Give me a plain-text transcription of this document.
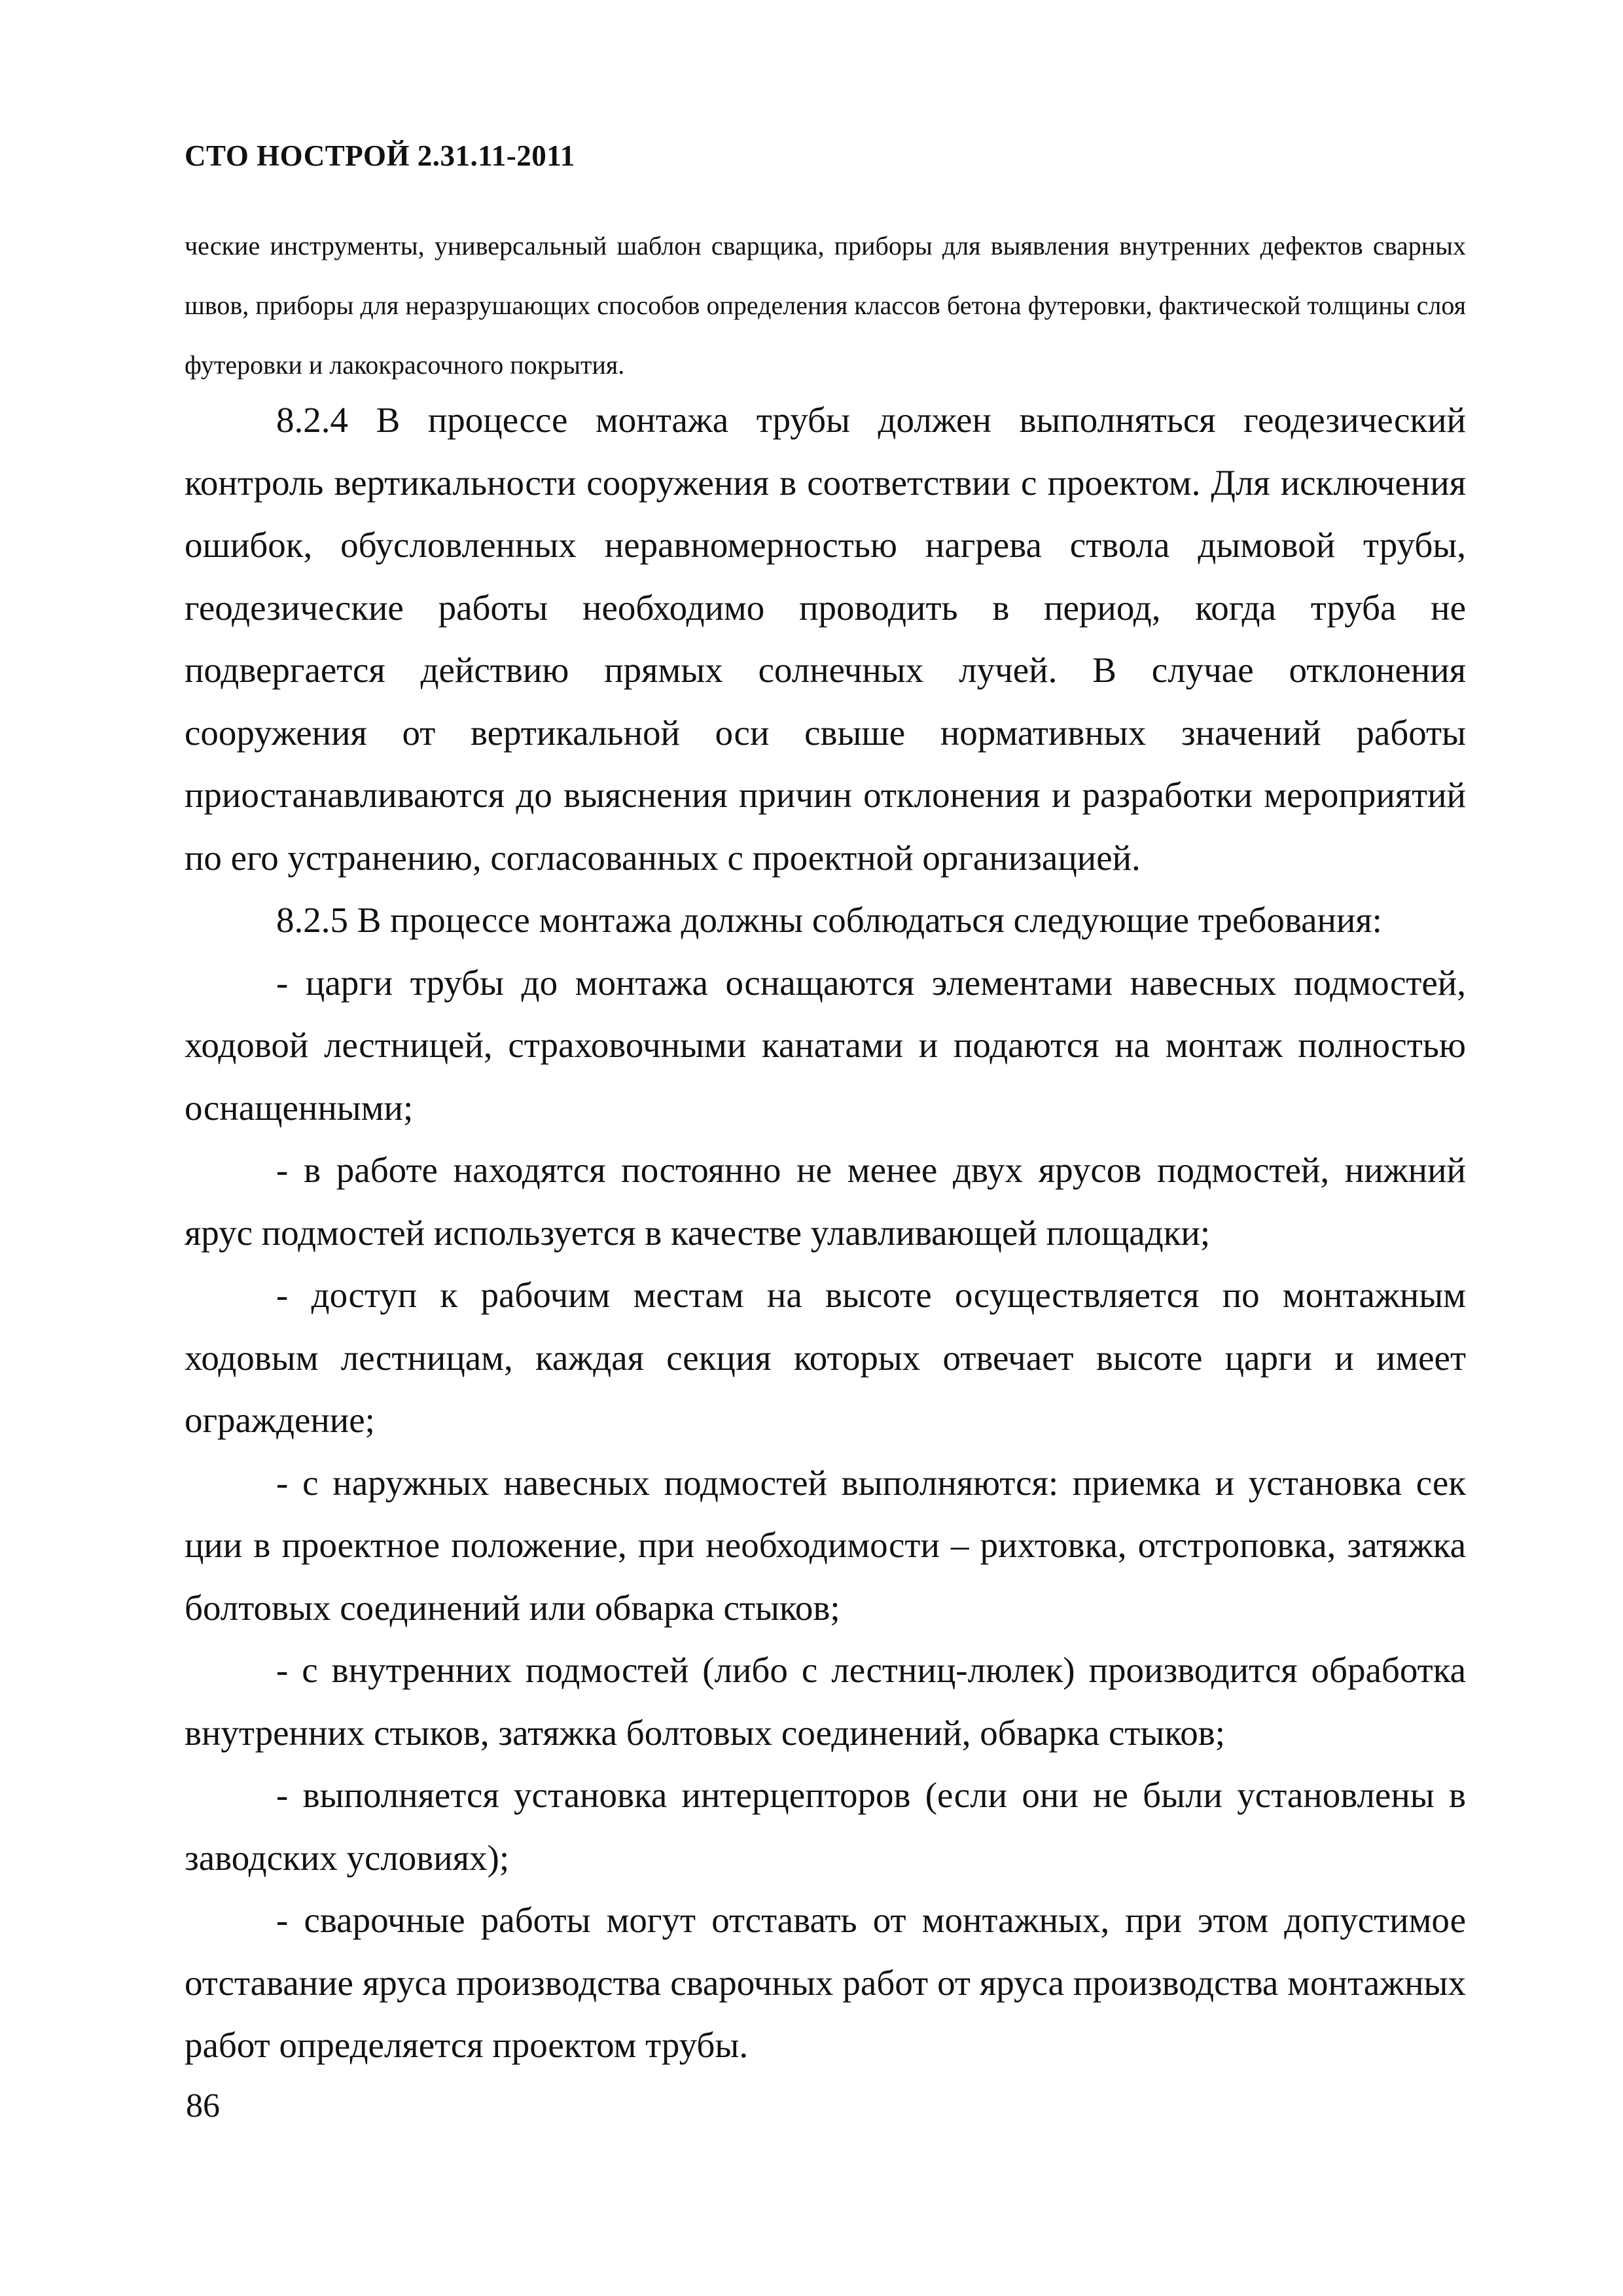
СТО НОСТРОЙ 2.31.11-2011

ческие инструменты, универсальный шаблон сварщика, приборы для выявления внутренних дефектов сварных швов, приборы для неразрушающих способов определения классов бетона футеровки, фактической толщины слоя футеровки и лакокрасочного покрытия.

8.2.4 В процессе монтажа трубы должен выполняться геодезический контроль вертикальности сооружения в соответствии с проектом. Для исключения ошибок, обусловленных неравномерностью нагрева ствола дымовой трубы, геодезические работы необходимо проводить в период, когда труба не подвергается действию прямых солнечных лучей. В случае отклонения сооружения от вертикальной оси свыше нормативных значений работы приостанавливаются до выяснения причин отклонения и разработки мероприятий по его устранению, согласованных с проектной организацией.

8.2.5 В процессе монтажа должны соблюдаться следующие требования:

- царги трубы до монтажа оснащаются элементами навесных подмостей, ходовой лестницей, страховочными канатами и подаются на монтаж полностью оснащенными;

- в работе находятся постоянно не менее двух ярусов подмостей, нижний ярус подмостей используется в качестве улавливающей площадки;

- доступ к рабочим местам на высоте осуществляется по монтажным ходовым лестницам, каждая секция которых отвечает высоте царги и имеет ограждение;

- с наружных навесных подмостей выполняются: приемка и установка сек ции в проектное положение, при необходимости – рихтовка, отстроповка, затяжка болтовых соединений или обварка стыков;

- с внутренних подмостей (либо с лестниц-люлек) производится обработка внутренних стыков, затяжка болтовых соединений, обварка стыков;

- выполняется установка интерцепторов (если они не были установлены в заводских условиях);

- сварочные работы могут отставать от монтажных, при этом допустимое отставание яруса производства сварочных работ от яруса производства монтажных работ определяется проектом трубы.

86
